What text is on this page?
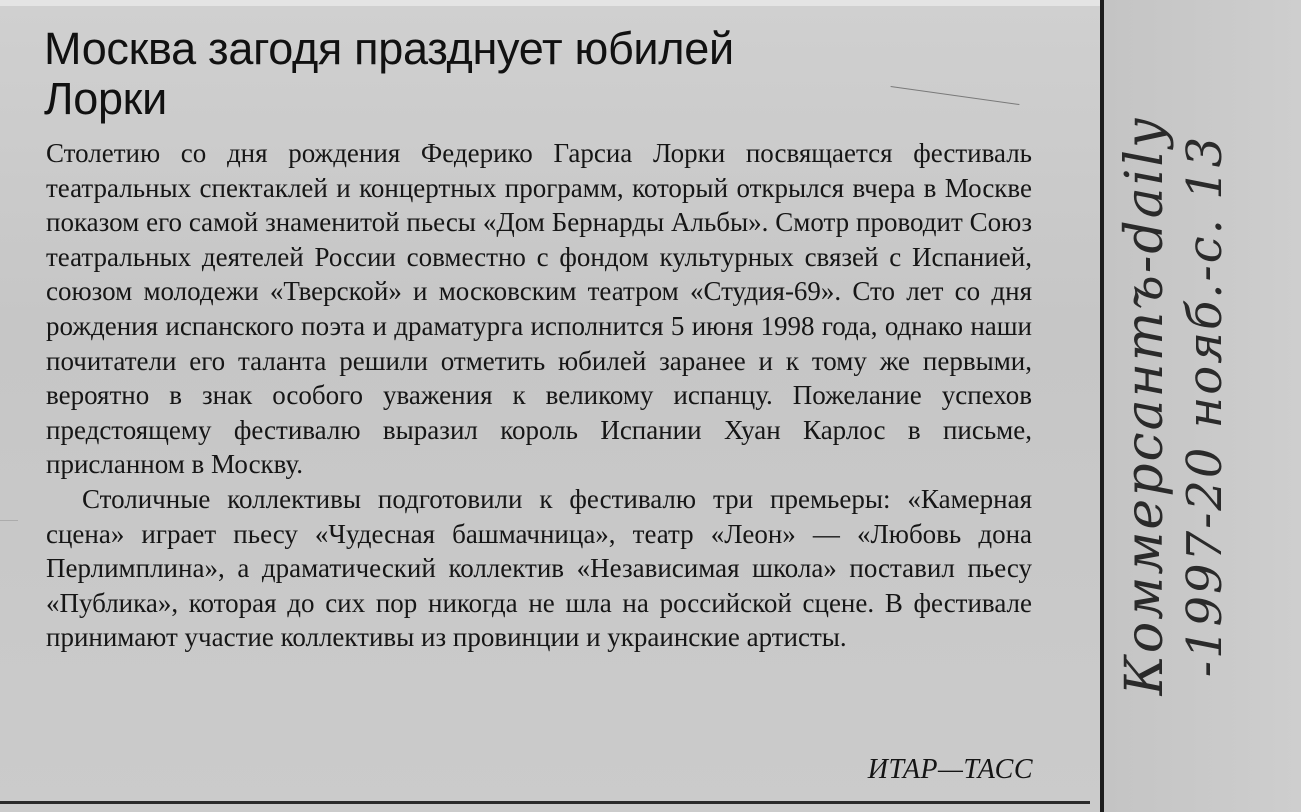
Москва загодя празднует юбилей Лорки

Столетию со дня рождения Федерико Гарсиа Лорки посвящается фестиваль театральных спектаклей и концертных программ, который открылся вчера в Москве показом его самой знаменитой пьесы «Дом Бернарды Альбы». Смотр проводит Союз театральных деятелей России совместно с фондом культурных связей с Испанией, союзом молодежи «Тверской» и московским театром «Студия-69». Сто лет со дня рождения испанского поэта и драматурга исполнится 5 июня 1998 года, однако наши почитатели его таланта решили отметить юбилей заранее и к тому же первыми, вероятно в знак особого уважения к великому испанцу. Пожелание успехов предстоящему фестивалю выразил король Испании Хуан Карлос в письме, присланном в Москву.

Столичные коллективы подготовили к фестивалю три премьеры: «Камерная сцена» играет пьесу «Чудесная башмачница», театр «Леон» — «Любовь дона Перлимплина», а драматический коллектив «Независимая школа» поставил пьесу «Публика», которая до сих пор никогда не шла на российской сцене. В фестивале принимают участие коллективы из провинции и украинские артисты.

ИТАР—ТАСС
Коммерсантъ-daily -1997-20 нояб.-с. 13
